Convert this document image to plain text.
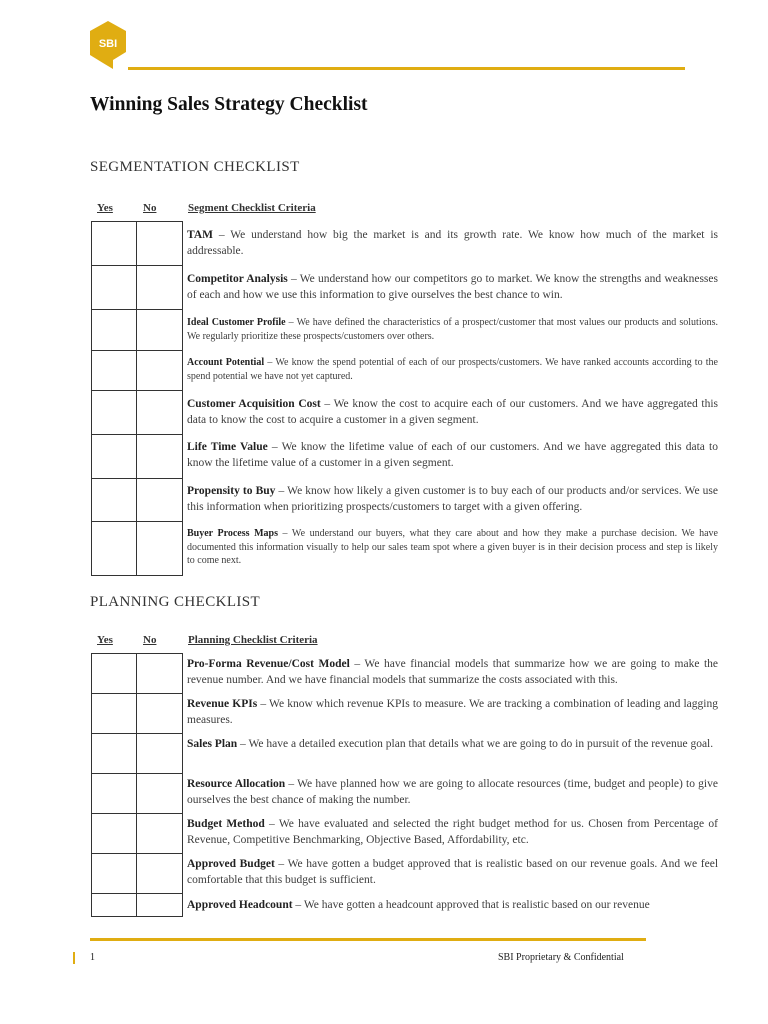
SBI
Winning Sales Strategy Checklist
SEGMENTATION CHECKLIST
Yes	No	Segment Checklist Criteria
TAM – We understand how big the market is and its growth rate. We know how much of the market is addressable.
Competitor Analysis – We understand how our competitors go to market. We know the strengths and weaknesses of each and how we use this information to give ourselves the best chance to win.
Ideal Customer Profile – We have defined the characteristics of a prospect/customer that most values our products and solutions. We regularly prioritize these prospects/customers over others.
Account Potential – We know the spend potential of each of our prospects/customers. We have ranked accounts according to the spend potential we have not yet captured.
Customer Acquisition Cost – We know the cost to acquire each of our customers. And we have aggregated this data to know the cost to acquire a customer in a given segment.
Life Time Value – We know the lifetime value of each of our customers. And we have aggregated this data to know the lifetime value of a customer in a given segment.
Propensity to Buy – We know how likely a given customer is to buy each of our products and/or services. We use this information when prioritizing prospects/customers to target with a given offering.
Buyer Process Maps – We understand our buyers, what they care about and how they make a purchase decision. We have documented this information visually to help our sales team spot where a given buyer is in their decision process and step is likely to come next.
PLANNING CHECKLIST
Yes	No	Planning Checklist Criteria
Pro-Forma Revenue/Cost Model – We have financial models that summarize how we are going to make the revenue number. And we have financial models that summarize the costs associated with this.
Revenue KPIs – We know which revenue KPIs to measure. We are tracking a combination of leading and lagging measures.
Sales Plan – We have a detailed execution plan that details what we are going to do in pursuit of the revenue goal.
Resource Allocation – We have planned how we are going to allocate resources (time, budget and people) to give ourselves the best chance of making the number.
Budget Method – We have evaluated and selected the right budget method for us. Chosen from Percentage of Revenue, Competitive Benchmarking, Objective Based, Affordability, etc.
Approved Budget – We have gotten a budget approved that is realistic based on our revenue goals. And we feel comfortable that this budget is sufficient.
Approved Headcount – We have gotten a headcount approved that is realistic based on our revenue
1	SBI Proprietary & Confidential
